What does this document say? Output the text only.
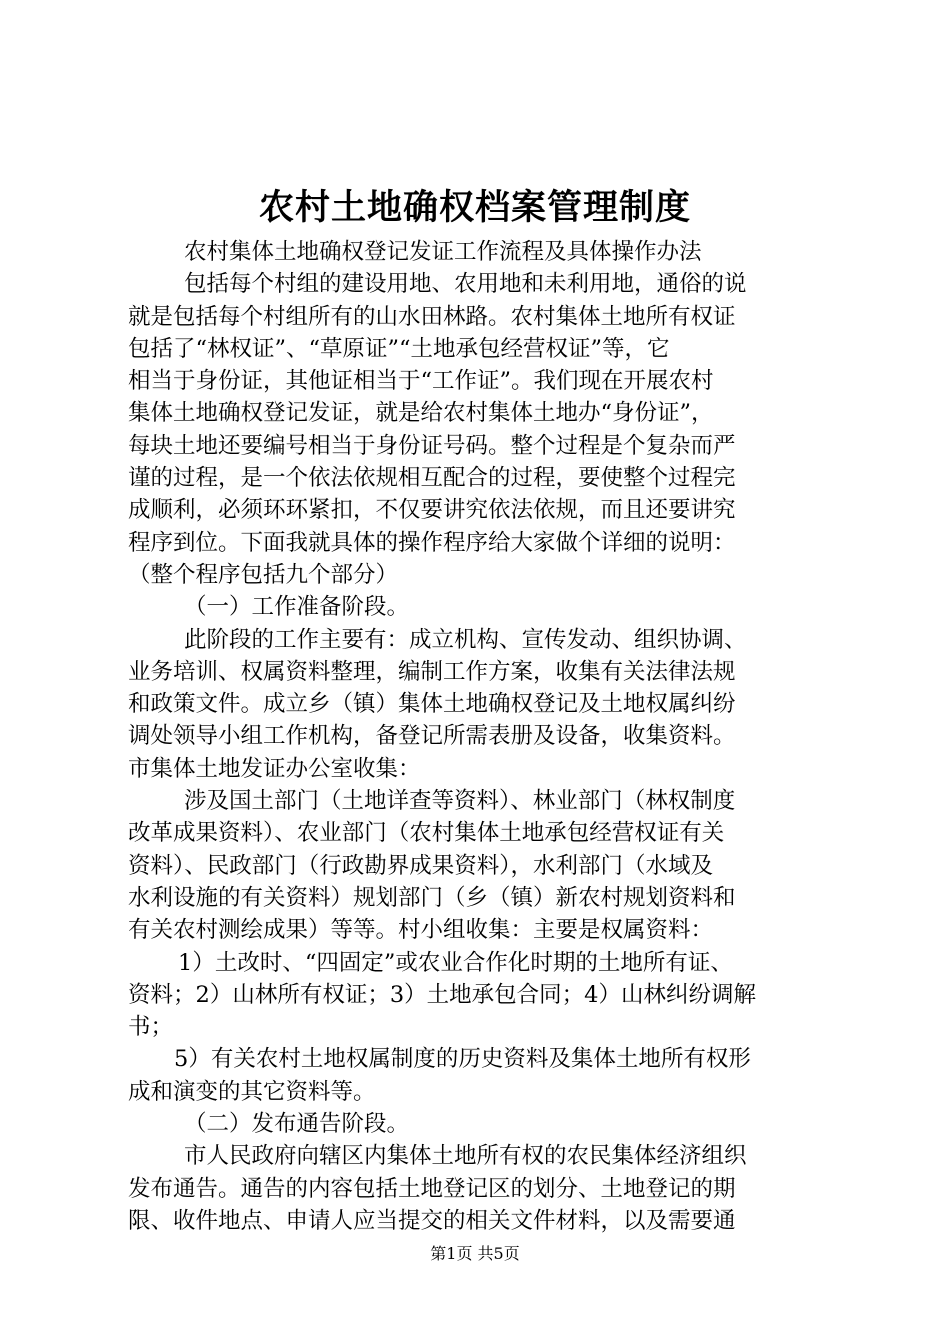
农村土地确权档案管理制度

农村集体土地确权登记发证工作流程及具体操作办法

包括每个村组的建设用地、农用地和未利用地，通俗的说

就是包括每个村组所有的山水田林路。农村集体土地所有权证

包括了“林权证”、“草原证”“土地承包经营权证”等，它

相当于身份证，其他证相当于“工作证”。我们现在开展农村

集体土地确权登记发证，就是给农村集体土地办“身份证”，

每块土地还要编号相当于身份证号码。整个过程是个复杂而严

谨的过程，是一个依法依规相互配合的过程，要使整个过程完

成顺利，必须环环紧扣，不仅要讲究依法依规，而且还要讲究

程序到位。下面我就具体的操作程序给大家做个详细的说明：

（整个程序包括九个部分）

（一）工作准备阶段。

此阶段的工作主要有：成立机构、宣传发动、组织协调、

业务培训、权属资料整理，编制工作方案，收集有关法律法规

和政策文件。成立乡（镇）集体土地确权登记及土地权属纠纷

调处领导小组工作机构，备登记所需表册及设备，收集资料。

市集体土地发证办公室收集：

涉及国土部门（土地详查等资料）、林业部门（林权制度

改革成果资料）、农业部门（农村集体土地承包经营权证有关

资料）、民政部门（行政勘界成果资料），水利部门（水域及

水利设施的有关资料）规划部门（乡（镇）新农村规划资料和

有关农村测绘成果）等等。村小组收集：主要是权属资料：

1）土改时、“四固定”或农业合作化时期的土地所有证、

资料；2）山林所有权证；3）土地承包合同；4）山林纠纷调解

书；

5）有关农村土地权属制度的历史资料及集体土地所有权形

成和演变的其它资料等。

（二）发布通告阶段。

市人民政府向辖区内集体土地所有权的农民集体经济组织

发布通告。通告的内容包括土地登记区的划分、土地登记的期

限、收件地点、申请人应当提交的相关文件材料，以及需要通

第1页 共5页
